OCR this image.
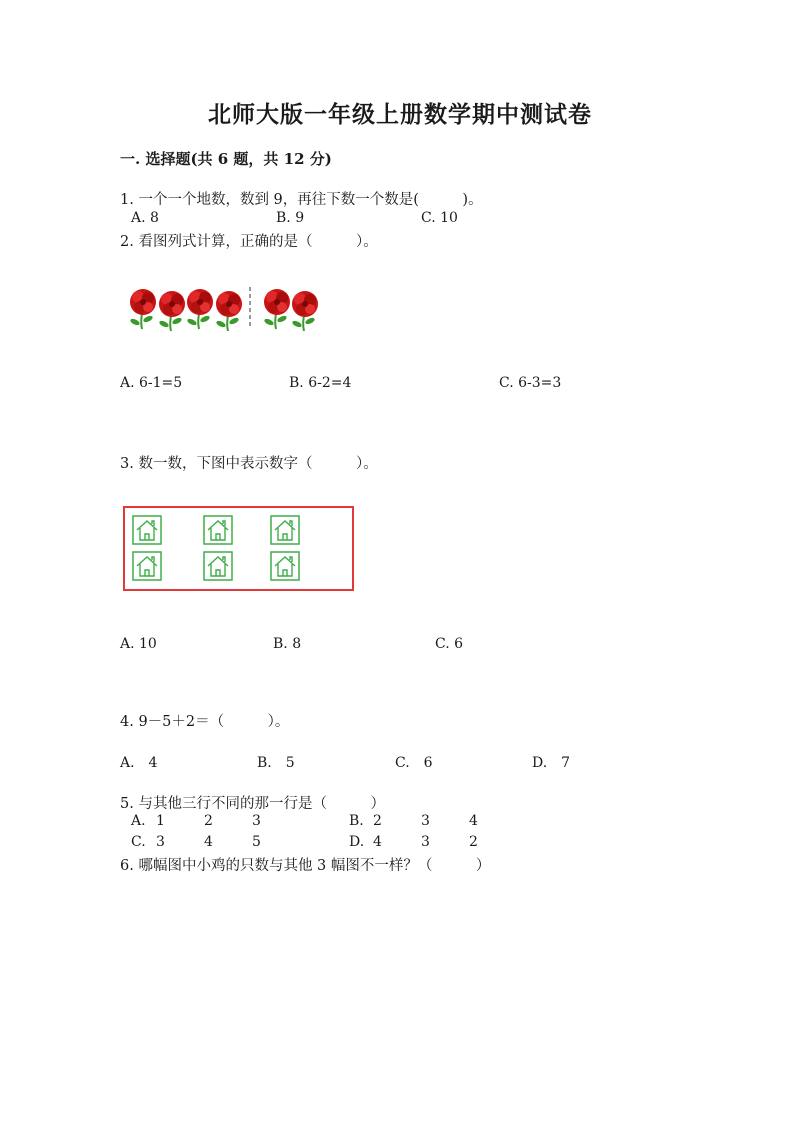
北师大版一年级上册数学期中测试卷
一. 选择题(共 6 题，共 12 分)
1. 一个一个地数，数到 9，再往下数一个数是(　　　)。
A. 8	B. 9	C. 10
2. 看图列式计算，正确的是（　　　）。
A. 6-1=5	B. 6-2=4	C. 6-3=3
3. 数一数，下图中表示数字（　　　）。
A. 10	B. 8	C. 6
4. 9－5＋2＝（　　　）。
A.　4	B.　5	C.　6	D.　7
5. 与其他三行不同的那一行是（　　　）
A. 1	2	3	B. 2	3	4
C. 3	4	5	D. 4	3	2
6. 哪幅图中小鸡的只数与其他 3 幅图不一样？（　　　）
